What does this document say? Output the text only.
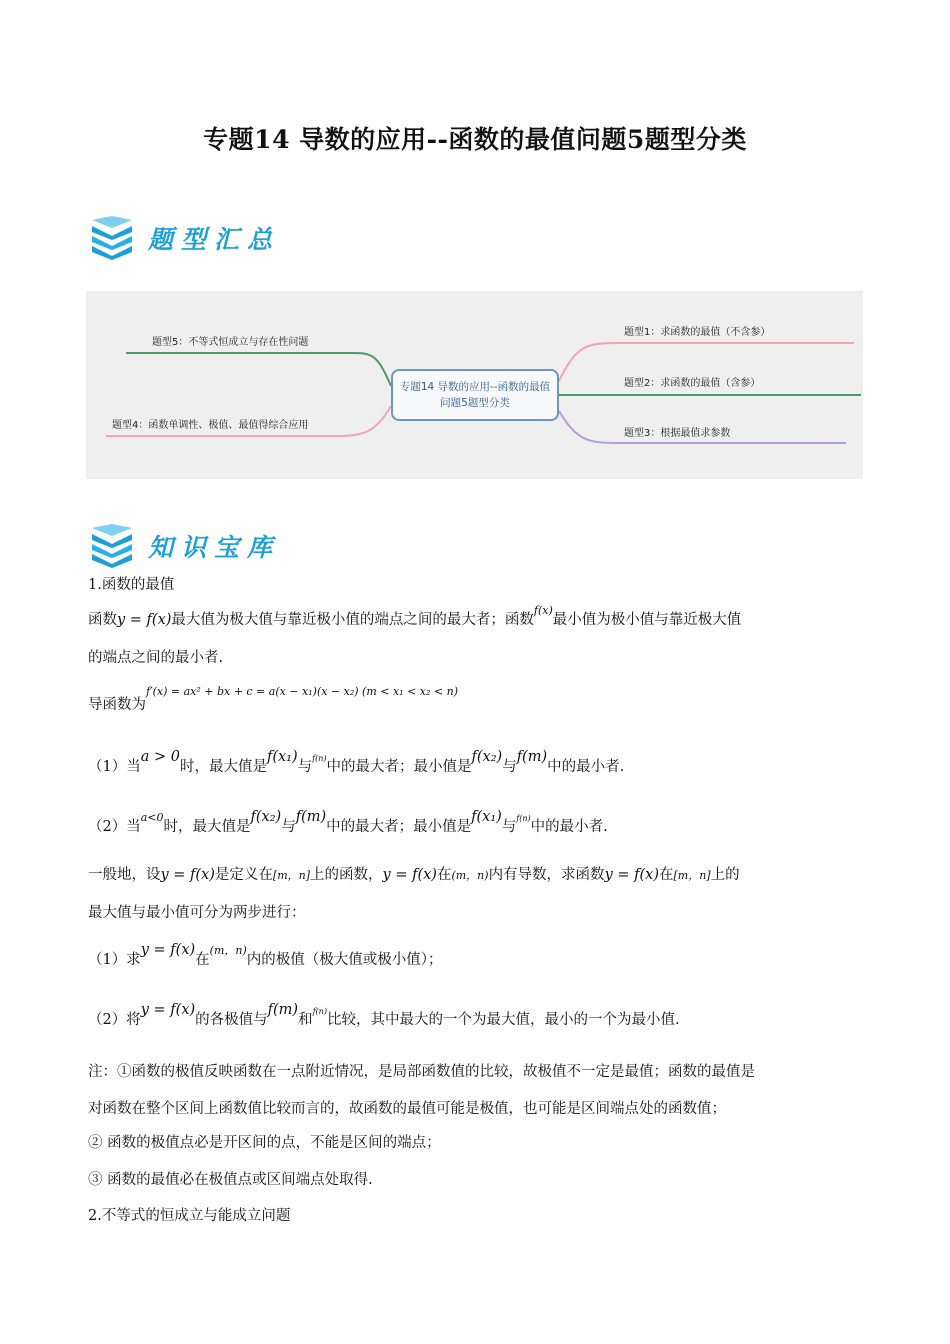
专题14 导数的应用--函数的最值问题5题型分类
题型汇总
题型5：不等式恒成立与存在性问题
题型4：函数单调性、极值、最值得综合应用
专题14 导数的应用--函数的最值问题5题型分类
题型1：求函数的最值（不含参）
题型2：求函数的最值（含参）
题型3：根据最值求参数
知识宝库
1.函数的最值
函数y = f(x)最大值为极大值与靠近极小值的端点之间的最大者；函数$^{f(x)}$最小值为极小值与靠近极大值
的端点之间的最小者.
导函数为$^{f'(x) = ax^2 + bx + c = a(x - x_1)(x - x_2) (m < x_1 < x_2 < n)}$
（1）当a > 0时，最大值是f(x₁)与$^{f(n)}$中的最大者；最小值是f(x₂)与f(m)中的最小者.
（2）当$^{a<0}$时，最大值是f(x₂)与f(m)中的最大者；最小值是f(x₁)与$^{f(n)}$中的最小者.
一般地，设y = f(x)是定义在[m，n]上的函数，y = f(x)在(m，n)内有导数，求函数y = f(x)在[m，n]上的
最大值与最小值可分为两步进行：
（1）求y = f(x)在$^{(m,n)}$内的极值（极大值或极小值）；
（2）将y = f(x)的各极值与f(m)和$^{f(n)}$比较，其中最大的一个为最大值，最小的一个为最小值.
注：①函数的极值反映函数在一点附近情况，是局部函数值的比较，故极值不一定是最值；函数的最值是
对函数在整个区间上函数值比较而言的，故函数的最值可能是极值，也可能是区间端点处的函数值；
② 函数的极值点必是开区间的点，不能是区间的端点；
③ 函数的最值必在极值点或区间端点处取得.
2.不等式的恒成立与能成立问题
